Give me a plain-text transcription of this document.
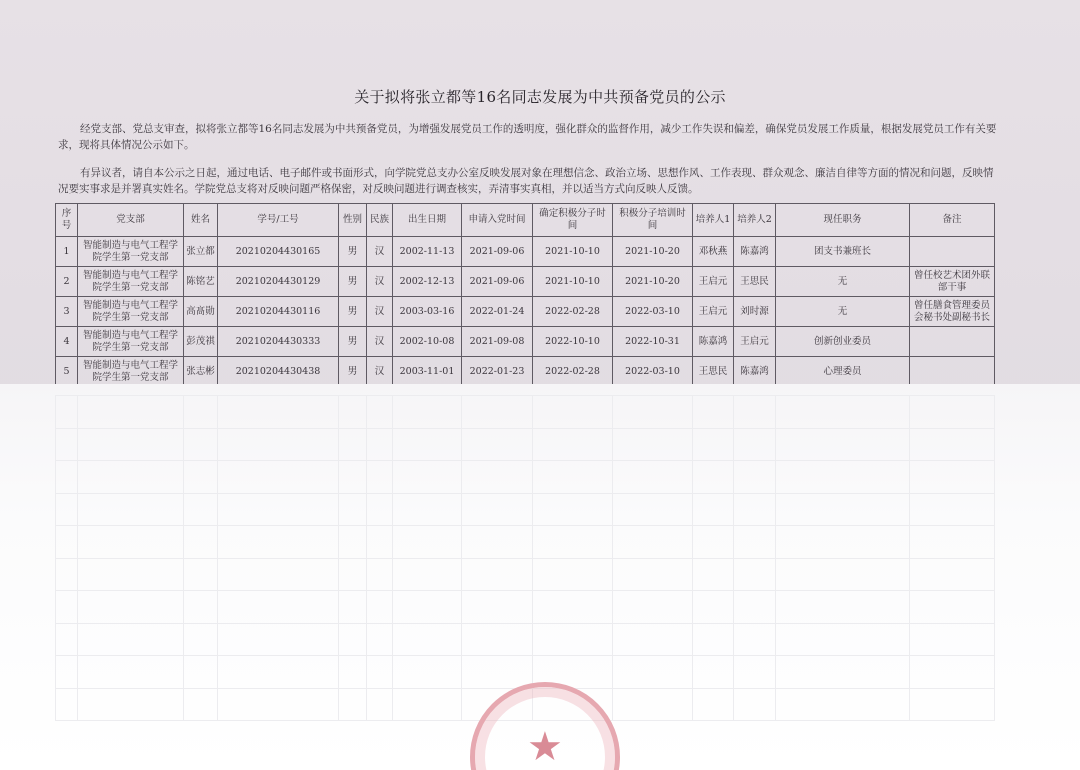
关于拟将张立都等16名同志发展为中共预备党员的公示
经党支部、党总支审查，拟将张立都等16名同志发展为中共预备党员，为增强发展党员工作的透明度，强化群众的监督作用，减少工作失误和偏差，确保党员发展工作质量，根据发展党员工作有关要求，现将具体情况公示如下。
有异议者，请自本公示之日起，通过电话、电子邮件或书面形式，向学院党总支办公室反映发展对象在理想信念、政治立场、思想作风、工作表现、群众观念、廉洁自律等方面的情况和问题，反映情况要实事求是并署真实姓名。学院党总支将对反映问题严格保密，对反映问题进行调查核实，弄清事实真相，并以适当方式向反映人反馈。
序号	党支部	姓名	学号/工号	性别	民族	出生日期	申请入党时间	确定积极分子时间	积极分子培训时间	培养人1	培养人2	现任职务	备注
1	智能制造与电气工程学院学生第一党支部	张立都	20210204430165	男	汉	2002-11-13	2021-09-06	2021-10-10	2021-10-20	邓秋燕	陈嘉鸿	团支书兼班长	
2	智能制造与电气工程学院学生第一党支部	陈铭艺	20210204430129	男	汉	2002-12-13	2021-09-06	2021-10-10	2021-10-20	王启元	王思民	无	曾任校艺术团外联部干事
3	智能制造与电气工程学院学生第一党支部	高髙勋	20210204430116	男	汉	2003-03-16	2022-01-24	2022-02-28	2022-03-10	王启元	刘时源	无	曾任膳食管理委员会秘书处副秘书长
4	智能制造与电气工程学院学生第一党支部	彭茂祺	20210204430333	男	汉	2002-10-08	2021-09-08	2022-10-10	2022-10-31	陈嘉鸿	王启元	创新创业委员	
5	智能制造与电气工程学院学生第一党支部	张志彬	20210204430438	男	汉	2003-11-01	2022-01-23	2022-02-28	2022-03-10	王思民	陈嘉鸿	心理委员	

★
